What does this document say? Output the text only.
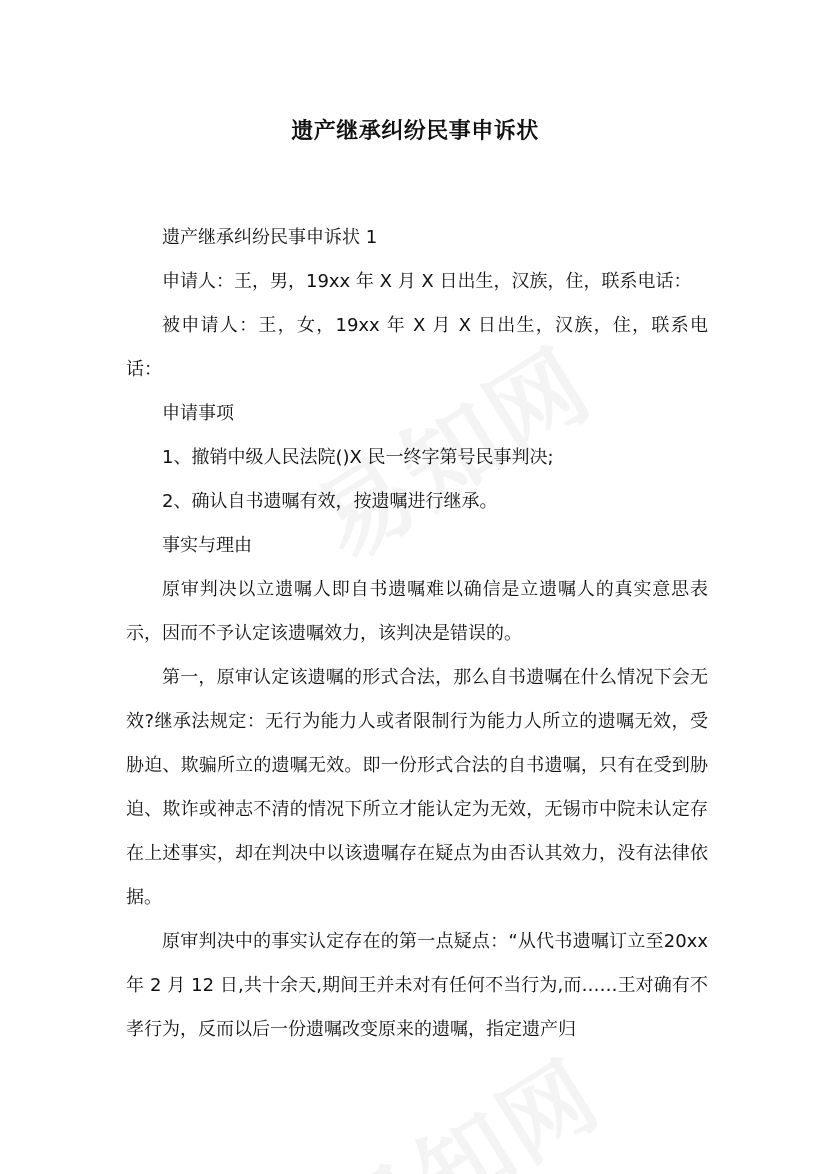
遗产继承纠纷民事申诉状

遗产继承纠纷民事申诉状 1

申请人：王，男，19xx 年 X 月 X 日出生，汉族，住，联系电话：

被申请人：王，女，19xx 年 X 月 X 日出生，汉族，住，联系电话：

申请事项

1、撤销中级人民法院()X 民一终字第号民事判决;

2、确认自书遗嘱有效，按遗嘱进行继承。

事实与理由

原审判决以立遗嘱人即自书遗嘱难以确信是立遗嘱人的真实意思表示，因而不予认定该遗嘱效力，该判决是错误的。

第一，原审认定该遗嘱的形式合法，那么自书遗嘱在什么情况下会无效?继承法规定：无行为能力人或者限制行为能力人所立的遗嘱无效，受胁迫、欺骗所立的遗嘱无效。即一份形式合法的自书遗嘱，只有在受到胁迫、欺诈或神志不清的情况下所立才能认定为无效，无锡市中院未认定存在上述事实，却在判决中以该遗嘱存在疑点为由否认其效力，没有法律依据。

原审判决中的事实认定存在的第一点疑点：“从代书遗嘱订立至20xx 年 2 月 12 日,共十余天,期间王并未对有任何不当行为,而……王对确有不孝行为，反而以后一份遗嘱改变原来的遗嘱，指定遗产归
